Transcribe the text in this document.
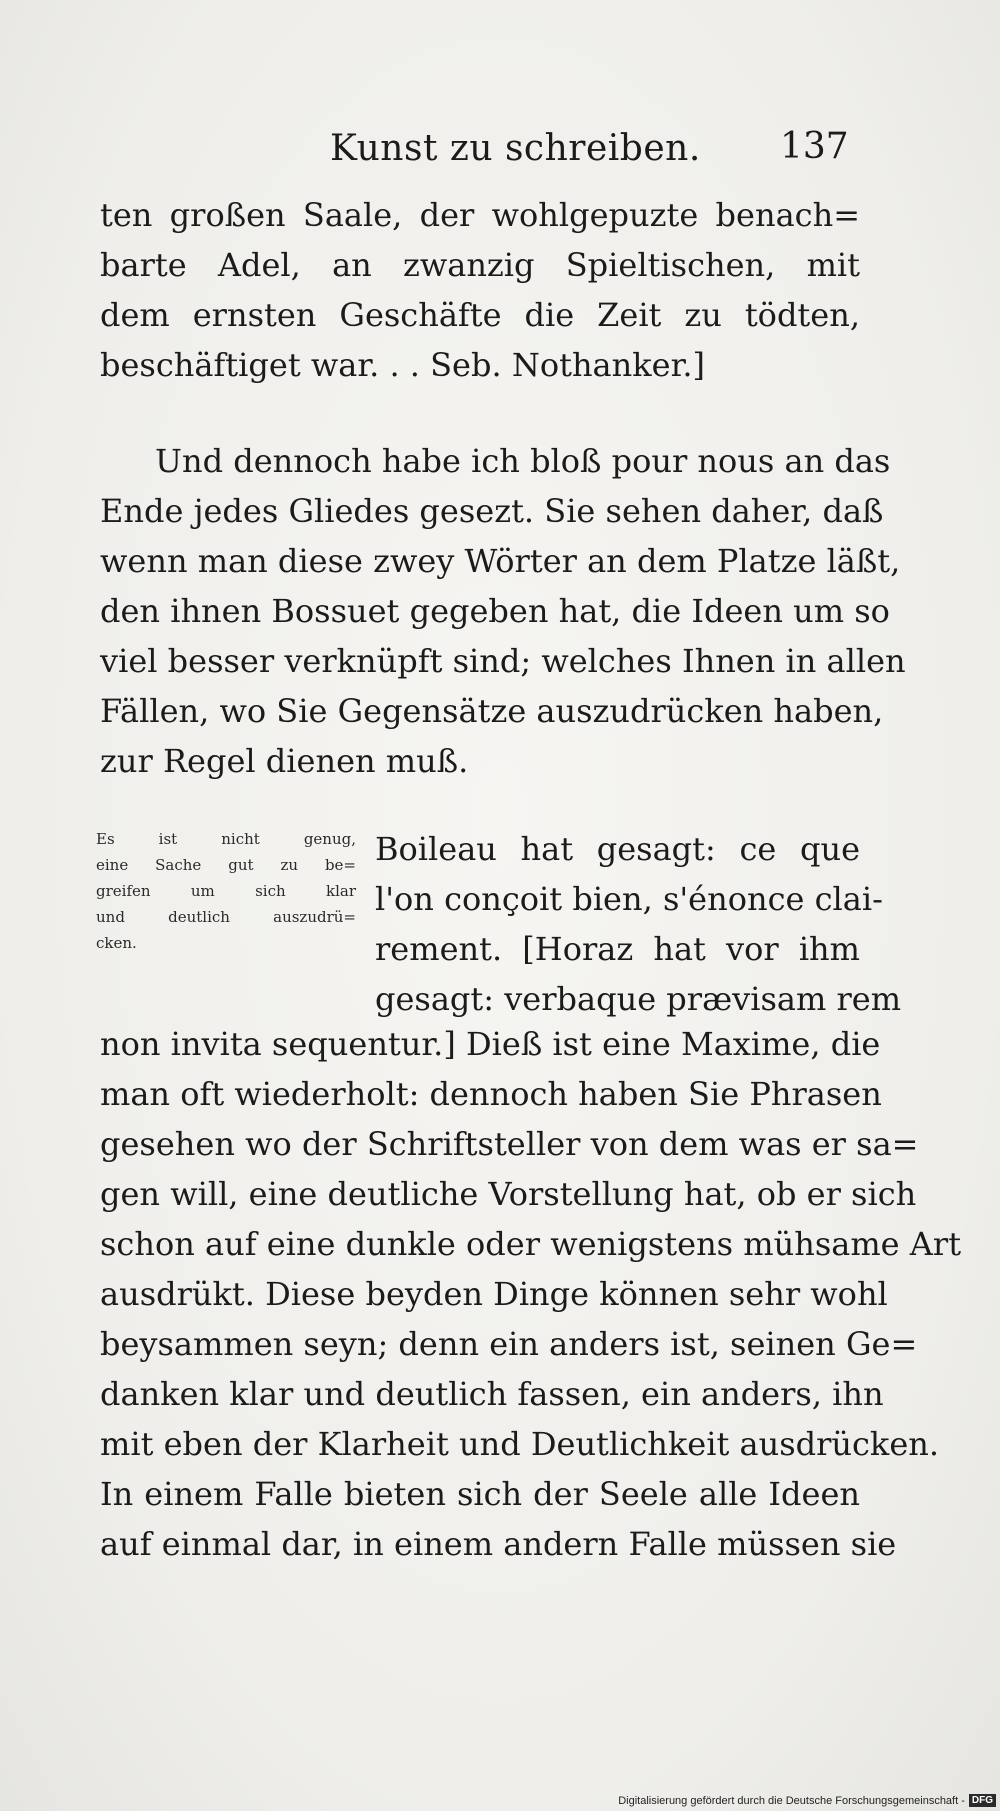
Kunst zu schreiben. 137
ten großen Saale, der wohlgepuzte benach=
barte Adel, an zwanzig Spieltischen, mit
dem ernsten Geschäfte die Zeit zu tödten,
beschäftiget war. . . Seb. Nothanker.]
Und dennoch habe ich bloß pour nous an das
Ende jedes Gliedes gesezt. Sie sehen daher, daß
wenn man diese zwey Wörter an dem Platze läßt,
den ihnen Bossuet gegeben hat, die Ideen um so
viel besser verknüpft sind; welches Ihnen in allen
Fällen, wo Sie Gegensätze auszudrücken haben,
zur Regel dienen muß.
Es ist nicht genug,
eine Sache gut zu be=
greifen um sich klar
und deutlich auszudrü=
cken.
Boileau hat gesagt: ce que
l'on conçoit bien, s'énonce clai-
rement. [Horaz hat vor ihm
gesagt: verbaque prævisam rem
non invita sequentur.] Dieß ist eine Maxime, die
man oft wiederholt: dennoch haben Sie Phrasen
gesehen wo der Schriftsteller von dem was er sa=
gen will, eine deutliche Vorstellung hat, ob er sich
schon auf eine dunkle oder wenigstens mühsame Art
ausdrükt. Diese beyden Dinge können sehr wohl
beysammen seyn; denn ein anders ist, seinen Ge=
danken klar und deutlich fassen, ein anders, ihn
mit eben der Klarheit und Deutlichkeit ausdrücken.
In einem Falle bieten sich der Seele alle Ideen
auf einmal dar, in einem andern Falle müssen sie
Digitalisierung gefördert durch die Deutsche Forschungsgemeinschaft - DFG
